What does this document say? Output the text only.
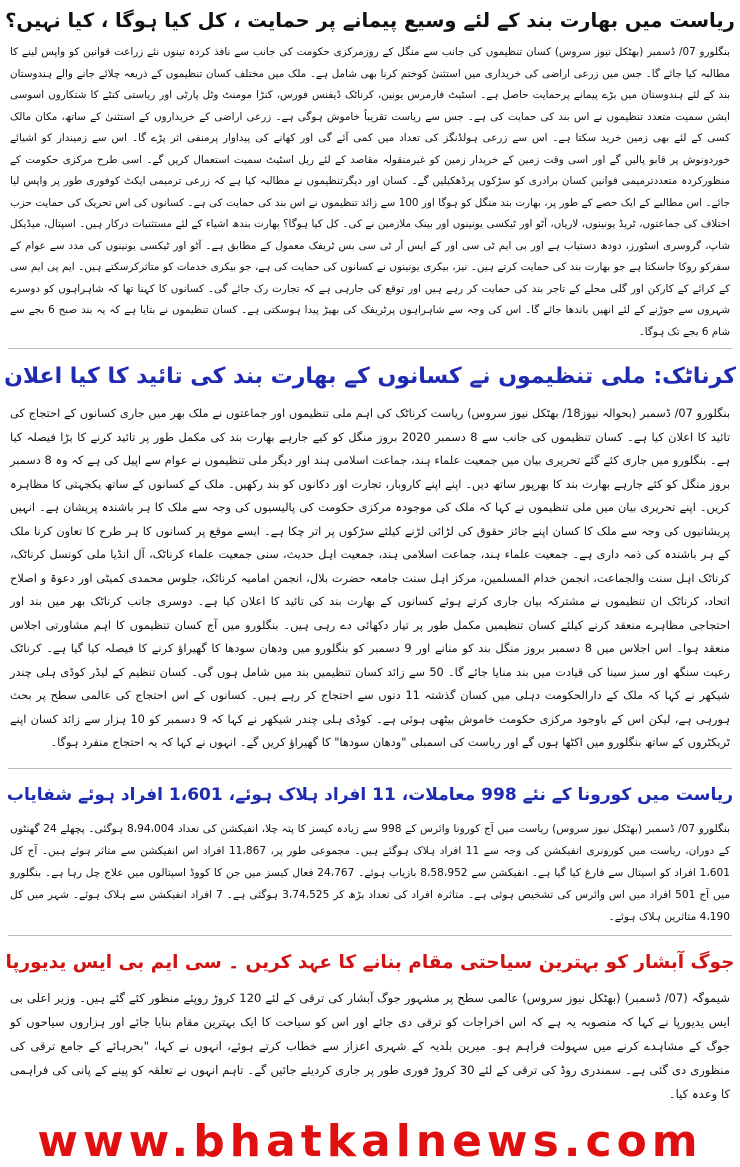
ریاست میں بھارت بند کے لئے وسیع پیمانے پر حمایت ، کل کیا ہوگا ، کیا نہیں؟
بنگلورو 07/ ڈسمبر (بھٹکل نیوز سروس) کسان تنظیموں کی جانب سے منگل کے روزمرکزی حکومت کی جانب سے نافذ کردہ تینوں نئے زراعت قوانین کو واپس لینے کا مطالبہ کیا جائے گا۔ جس میں زرعی اراضی کی خریداری میں استثنیٰ کوختم کرنا بھی شامل ہے۔ ملک میں مختلف کسان تنظیموں کے ذریعہ چلائے جانے والے ہندوستان بند کے لئے ہندوستان میں بڑے پیمانے پرحمایت حاصل ہے۔ اسٹیٹ فارمرس یونین، کرناٹک ڈیفنس فورس، کنڑا مومنٹ وٹل پارٹی اور ریاستی کنٹے کا شتکاروں اسوسی ایشن سمیت متعدد تنظیموں نے اس بند کی حمایت کی ہے۔ جس سے ریاست تقریباً خاموش ہوگی ہے۔ زرعی اراضی کے خریداروں کے استثنیٰ کے ساتھ، مکان مالک کسی کے لئے بھی زمین خرید سکتا ہے۔ اس سے زرعی ہولڈنگز کی تعداد میں کمی آئے گی اور کھانے کی پیداوار پرمنفی اثر پڑے گا۔ اس سے زمیندار کو اشیائے خوردونوش پر قابو پالیں گے اور اسی وقت زمین کے خریدار زمین کو غیرمنقولہ مقاصد کے لئے ریل اسٹیٹ سمیت استعمال کریں گے۔ اسی طرح مرکزی حکومت کے منظورکردہ متعددترمیمی قوانین کسان برادری کو سڑکوں پرڈھکیلیں گے۔ کسان اور دیگرتنظیموں نے مطالبہ کیا ہے کہ زرعی ترمیمی ایکٹ کوفوری طور پر واپس لیا جائے۔ اس مطالبے کے ایک حصے کے طور پر، بھارت بند منگل کو ہوگا اور 100 سے زائد تنظیموں نے اس بند کی حمایت کی ہے۔ کسانوں کی اس تحریک کی حمایت حزب اختلاف کی جماعتوں، ٹریڈ یونینوں، لاریاں، آٹو اور ٹیکسی یونینوں اور بینک ملازمین نے کی۔ کل کیا ہوگا؟ بھارت بندھ اشیاء کے لئے مستثنیات درکار ہیں۔ اسپتال، میڈیکل شاپ، گروسری اسٹورز، دودھ دستیاب ہے اور بی ایم ٹی سی اور کے ایس آر ٹی سی بس ٹریفک معمول کے مطابق ہے۔ آٹو اور ٹیکسی یونینوں کی مدد سے عوام کے سفرکو روکا جاسکتا ہے جو بھارت بند کی حمایت کرتے ہیں۔ نیز، بیکری یونینوں نے کسانوں کی حمایت کی ہے، جو بیکری خدمات کو متاثرکرسکتے ہیں۔ ایم پی ایم سی کے کرائے کے کارکن اور گلی محلے کے تاجر بند کی حمایت کر رہے ہیں اور توقع کی جارہی ہے کہ تجارت رک جائے گی۔ کسانوں کا کہنا تھا کہ شاہراہوں کو دوسرے شہروں سے جوڑنے کے لئے انھیں باندھا جائے گا۔ اس کی وجہ سے شاہراہوں پرٹریفک کی بھیڑ پیدا ہوسکتی ہے۔ کسان تنظیموں نے بتایا ہے کہ یہ بند صبح 6 بجے سے شام 6 بجے تک ہوگا۔
کرناٹک: ملی تنظیموں نے کسانوں کے بھارت بند کی تائید کا کیا اعلان
بنگلورو 07/ ڈسمبر (بحوالہ نیوز18/ بھٹکل نیوز سروس) ریاست کرناٹک کی اہم ملی تنظیموں اور جماعتوں نے ملک بھر میں جاری کسانوں کے احتجاج کی تائید کا اعلان کیا ہے۔ کسان تنظیموں کی جانب سے 8 دسمبر 2020 بروز منگل کو کیے جارہے بھارت بند کی مکمل طور پر تائید کرنے کا بڑا فیصلہ کیا ہے۔ بنگلورو میں جاری کئے گئے تحریری بیان میں جمعیت علماء ہند، جماعت اسلامی ہند اور دیگر ملی تنظیموں نے عوام سے اپیل کی ہے کہ وہ 8 دسمبر بروز منگل کو کئے جارہے بھارت بند کا بھرپور ساتھ دیں۔ اپنے اپنے کاروبار، تجارت اور دکانوں کو بند رکھیں۔ ملک کے کسانوں کے ساتھ یکجہتی کا مظاہرہ کریں۔ اپنے تحریری بیان میں ملی تنظیموں نے کہا کہ ملک کی موجودہ مرکزی حکومت کی پالیسیوں کی وجہ سے ملک کا ہر باشندہ پریشان ہے۔ انہیں پریشانیوں کی وجہ سے ملک کا کسان اپنے جائز حقوق کی لڑائی لڑنے کیلئے سڑکوں پر اتر چکا ہے۔ ایسے موقع پر کسانوں کا ہر طرح کا تعاون کرنا ملک کے ہر باشندہ کی ذمہ داری ہے۔ جمعیت علماء ہند، جماعت اسلامی ہند، جمعیت اہل حدیث، سنی جمعیت علماء کرناٹک، آل انڈیا ملی کونسل کرناٹک، کرناٹک اہل سنت والجماعت، انجمن خدام المسلمین، مرکز اہل سنت جامعہ حضرت بلال، انجمن امامیہ کرناٹک، جلوس محمدی کمیٹی اور دعوۃ و اصلاح اتحاد، کرناٹک ان تنظیموں نے مشترکہ بیان جاری کرتے ہوئے کسانوں کے بھارت بند کی تائید کا اعلان کیا ہے۔ دوسری جانب کرناٹک بھر میں بند اور احتجاجی مظاہرے منعقد کرنے کیلئے کسان تنظیمیں مکمل طور پر تیار دکھائی دے رہی ہیں۔ بنگلورو میں آج کسان تنظیموں کا اہم مشاورتی اجلاس منعقد ہوا۔ اس اجلاس میں 8 دسمبر بروز منگل بند کو منانے اور 9 دسمبر کو بنگلورو میں ودھان سودھا کا گھیراؤ کرنے کا فیصلہ کیا گیا ہے۔ کرناٹک رعیت سنگھ اور سبز سینا کی قیادت میں بند منایا جائے گا۔ 50 سے زائد کسان تنظیمیں بند میں شامل ہوں گی۔ کسان تنظیم کے لیڈر کوڈی ہلی چندر شیکھر نے کہا کہ ملک کے دارالحکومت دہلی میں کسان گذشتہ 11 دنوں سے احتجاج کر رہے ہیں۔ کسانوں کے اس احتجاج کی عالمی سطح پر بحث ہورہی ہے، لیکن اس کے باوجود مرکزی حکومت خاموش بیٹھی ہوئی ہے۔ کوڈی ہلی چندر شیکھر نے کہا کہ 9 دسمبر کو 10 ہزار سے زائد کسان اپنے ٹریکٹروں کے ساتھ بنگلورو میں اکٹھا ہوں گے اور ریاست کی اسمبلی "ودھان سودھا" کا گھیراؤ کریں گے۔ انہوں نے کہا کہ یہ احتجاج منفرد ہوگا۔
ریاست میں کورونا کے نئے 998 معاملات، 11 افراد ہلاک ہوئے، 1،601 افراد ہوئے شفایاب
بنگلورو 07/ ڈسمبر (بھٹکل نیوز سروس) ریاست میں آج کورونا وائرس کے 998 سے زیادہ کیسز کا پتہ چلا، انفیکشن کی تعداد 8،94،004 ہوگئی۔ پچھلے 24 گھنٹوں کے دوران، ریاست میں کورونری انفیکشن کی وجہ سے 11 افراد ہلاک ہوگئے ہیں۔ مجموعی طور پر، 11،867 افراد اس انفیکشن سے متاثر ہوئے ہیں۔ آج کل 1،601 افراد کو اسپتال سے فارغ کیا گیا ہے۔ انفیکشن سے 8،58،952 بازیاب ہوئے۔ 24،767 فعال کیسز میں جن کا کووڈ اسپتالوں میں علاج چل رہا ہے۔ بنگلورو میں آج 501 افراد میں اس وائرس کی تشخیص ہوئی ہے۔ متاثرہ افراد کی تعداد بڑھ کر 3،74،525 ہوگئی ہے۔ 7 افراد انفیکشن سے ہلاک ہوئے۔ شہر میں کل 4،190 متاثرین ہلاک ہوئے۔
جوگ آبشار کو بہترین سیاحتی مقام بنانے کا عہد کریں ۔ سی ایم بی ایس یدیورپا
شیموگہ (07/ ڈسمبر) (بھٹکل نیوز سروس) عالمی سطح پر مشہور جوگ آبشار کی ترقی کے لئے 120 کروڑ روپئے منظور کئے گئے ہیں۔ وزیر اعلی بی ایس یدیورپا نے کہا کہ منصوبہ یہ ہے کہ اس اخراجات کو ترقی دی جائے اور اس کو سیاحت کا ایک بہترین مقام بنایا جائے اور ہزاروں سیاحوں کو جوگ کے مشاہدے کرنے میں سہولت فراہم ہو۔ میرین بلدیہ کے شہری اعزاز سے خطاب کرتے ہوئے، انہوں نے کہا، "بحرہائے کے جامع ترقی کی منظوری دی گئی ہے۔ سمندری روڈ کی ترقی کے لئے 30 کروڑ فوری طور پر جاری کردیئے جائیں گے۔ تاہم انہوں نے تعلقہ کو پینے کے پانی کی فراہمی کا وعدہ کیا۔
www.bhatkalnews.com
